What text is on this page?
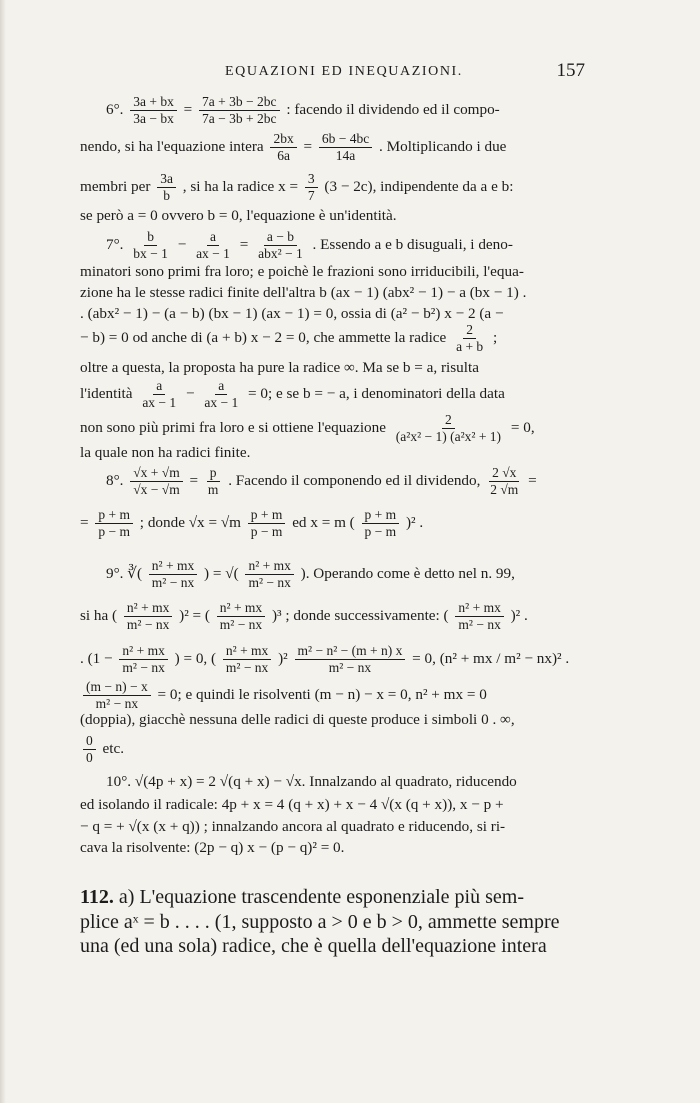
EQUAZIONI ED INEQUAZIONI.	157
6°. $\frac{3a + bx}{3a - bx} = \frac{7a + 3b - 2bc}{7a - 3b + 2bc}$ : facendo il dividendo ed il compo-
nendo, si ha l'equazione intera $\frac{2bx}{6a} = \frac{6b - 4bc}{14a}$ . Moltiplicando i due
membri per $\frac{3a}{b}$ , si ha la radice $x = \frac{3}{7} (3 - 2c)$, indipendente da a e b:
se però a = 0 ovvero b = 0, l'equazione è un'identità.
7°. $\frac{b}{bx - 1} - \frac{a}{ax - 1} = \frac{a - b}{\text{abx² − 1}}$ . Essendo a e b disuguali, i deno-
minatori sono primi fra loro; e poichè le frazioni sono irriducibili, l'equa-
zione ha le stesse radici finite dell'altra b (ax − 1) (abx² − 1) − a (bx − 1) .
. (abx² − 1) − (a − b) (bx − 1) (ax − 1) = 0, ossia di (a² − b²) x − 2 (a −
− b) = 0 od anche di (a + b) x − 2 = 0, che ammette la radice $\frac{2}{a + b}$ ;
oltre a questa, la proposta ha pure la radice ∞. Ma se b = a, risulta
l'identità $\frac{a}{ax - 1} - \frac{a}{ax - 1} = 0$; e se b = − a, i denominatori della data
non sono più primi fra loro e si ottiene l'equazione $\frac{2}{\text{(a²x² − 1) (a²x² + 1)}} = 0$,
la quale non ha radici finite.
8°. $\frac{√x + √m}{√x - √m} = \frac{p}{m}$ . Facendo il componendo ed il dividendo, $\frac{2 √x}{2 √m}$ =
= $\frac{p + m}{p - m}$ ; donde $√x = √m \frac{p + m}{p - m}$ ed x = m ( $\frac{p + m}{p - m} )^2$ .
9°. ∛( $\frac{\text{n² + mx}}{\text{m² − nx}}$ ) = √( $\frac{\text{n² + mx}}{\text{m² − nx}}$ ). Operando come è detto nel n. 99,
si ha ( $\frac{\text{n² + mx}}{\text{m² − nx}} )^2$ = ( $\frac{\text{n² + mx}}{\text{m² − nx}} )^3$ ; donde successivamente: ( $\frac{\text{n² + mx}}{\text{m² − nx}} )^2$ .
. ($1 - \frac{\text{n² + mx}}{\text{m² − nx}}$ ) = 0, ( $\frac{\text{n² + mx}}{\text{m² − nx}} )^2 \frac{\text{m² − n² − (m + n) x}}{\text{m² − nx}} = 0$, (n² + mx / m² − nx)² .
$\frac{(m - n) - x}{\text{m² − nx}} = 0$; e quindi le risolventi (m − n) − x = 0, n² + mx = 0
(doppia), giacchè nessuna delle radici di queste produce i simboli 0 . ∞,
$\frac{0}{0}$ etc.
10°. √(4p + x) = 2 √(q + x) − √x. Innalzando al quadrato, riducendo
ed isolando il radicale: 4p + x = 4 (q + x) + x − 4 √(x (q + x)), x − p +
− q = + √(x (x + q)) ; innalzando ancora al quadrato e riducendo, si ri-
cava la risolvente: (2p − q) x − (p − q)² = 0.
112. a) L'equazione trascendente esponenziale più sem-
plice aˣ = b . . . . (1, supposto a > 0 e b > 0, ammette sempre
una (ed una sola) radice, che è quella dell'equazione intera
